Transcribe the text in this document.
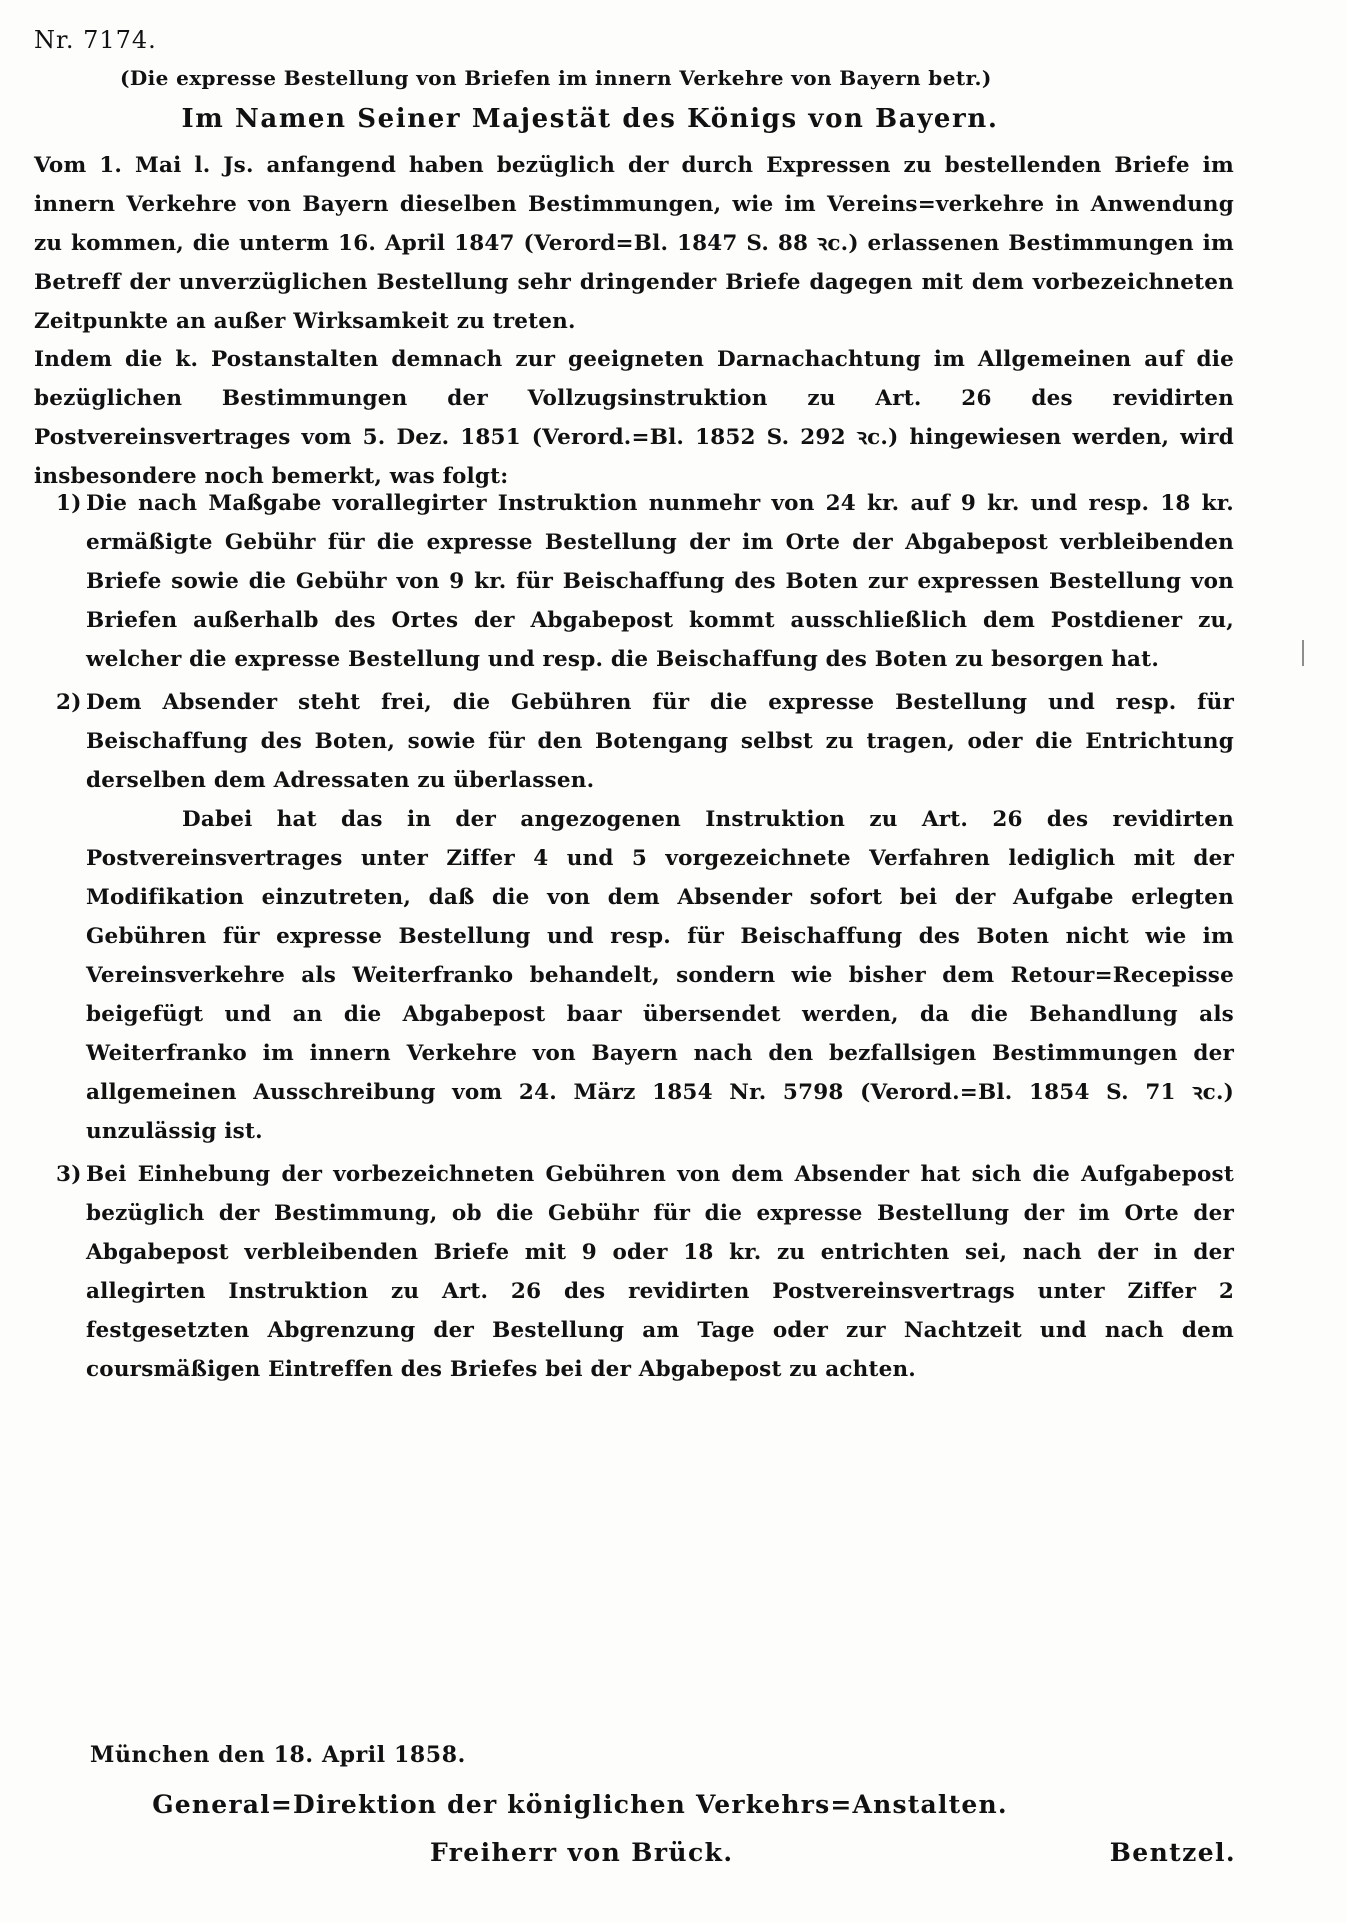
Nr. 7174.
(Die expresse Bestellung von Briefen im innern Verkehre von Bayern betr.)
Im Namen Seiner Majestät des Königs von Bayern.
Vom 1. Mai l. Js. anfangend haben bezüglich der durch Expressen zu bestellenden Briefe im innern Verkehre von Bayern dieselben Bestimmungen, wie im Vereins=verkehre in Anwendung zu kommen, die unterm 16. April 1847 (Verord=Bl. 1847 S. 88 ꝛc.) erlassenen Bestimmungen im Betreff der unverzüglichen Bestellung sehr dringender Briefe dagegen mit dem vorbezeichneten Zeitpunkte an außer Wirksamkeit zu treten.
Indem die k. Postanstalten demnach zur geeigneten Darnachachtung im Allgemeinen auf die bezüglichen Bestimmungen der Vollzugsinstruktion zu Art. 26 des revidirten Postvereinsvertrages vom 5. Dez. 1851 (Verord.=Bl. 1852 S. 292 ꝛc.) hingewiesen werden, wird insbesondere noch bemerkt, was folgt:
1) Die nach Maßgabe vorallegirter Instruktion nunmehr von 24 kr. auf 9 kr. und resp. 18 kr. ermäßigte Gebühr für die expresse Bestellung der im Orte der Abgabepost verbleibenden Briefe sowie die Gebühr von 9 kr. für Beischaffung des Boten zur expressen Bestellung von Briefen außerhalb des Ortes der Abgabepost kommt ausschließlich dem Postdiener zu, welcher die expresse Bestellung und resp. die Beischaffung des Boten zu besorgen hat.
2) Dem Absender steht frei, die Gebühren für die expresse Bestellung und resp. für Beischaffung des Boten, sowie für den Botengang selbst zu tragen, oder die Entrichtung derselben dem Adressaten zu überlassen.
Dabei hat das in der angezogenen Instruktion zu Art. 26 des revidirten Postvereinsvertrages unter Ziffer 4 und 5 vorgezeichnete Verfahren lediglich mit der Modifikation einzutreten, daß die von dem Absender sofort bei der Aufgabe erlegten Gebühren für expresse Bestellung und resp. für Beischaffung des Boten nicht wie im Vereinsverkehre als Weiterfranko behandelt, sondern wie bisher dem Retour=Recepisse beigefügt und an die Abgabepost baar übersendet werden, da die Behandlung als Weiterfranko im innern Verkehre von Bayern nach den bezfallsigen Bestimmungen der allgemeinen Ausschreibung vom 24. März 1854 Nr. 5798 (Verord.=Bl. 1854 S. 71 ꝛc.) unzulässig ist.
3) Bei Einhebung der vorbezeichneten Gebühren von dem Absender hat sich die Aufgabepost bezüglich der Bestimmung, ob die Gebühr für die expresse Bestellung der im Orte der Abgabepost verbleibenden Briefe mit 9 oder 18 kr. zu entrichten sei, nach der in der allegirten Instruktion zu Art. 26 des revidirten Postvereinsvertrags unter Ziffer 2 festgesetzten Abgrenzung der Bestellung am Tage oder zur Nachtzeit und nach dem coursmäßigen Eintreffen des Briefes bei der Abgabepost zu achten.
München den 18. April 1858.
General=Direktion der königlichen Verkehrs=Anstalten.
Freiherr von Brück.	Bentzel.
